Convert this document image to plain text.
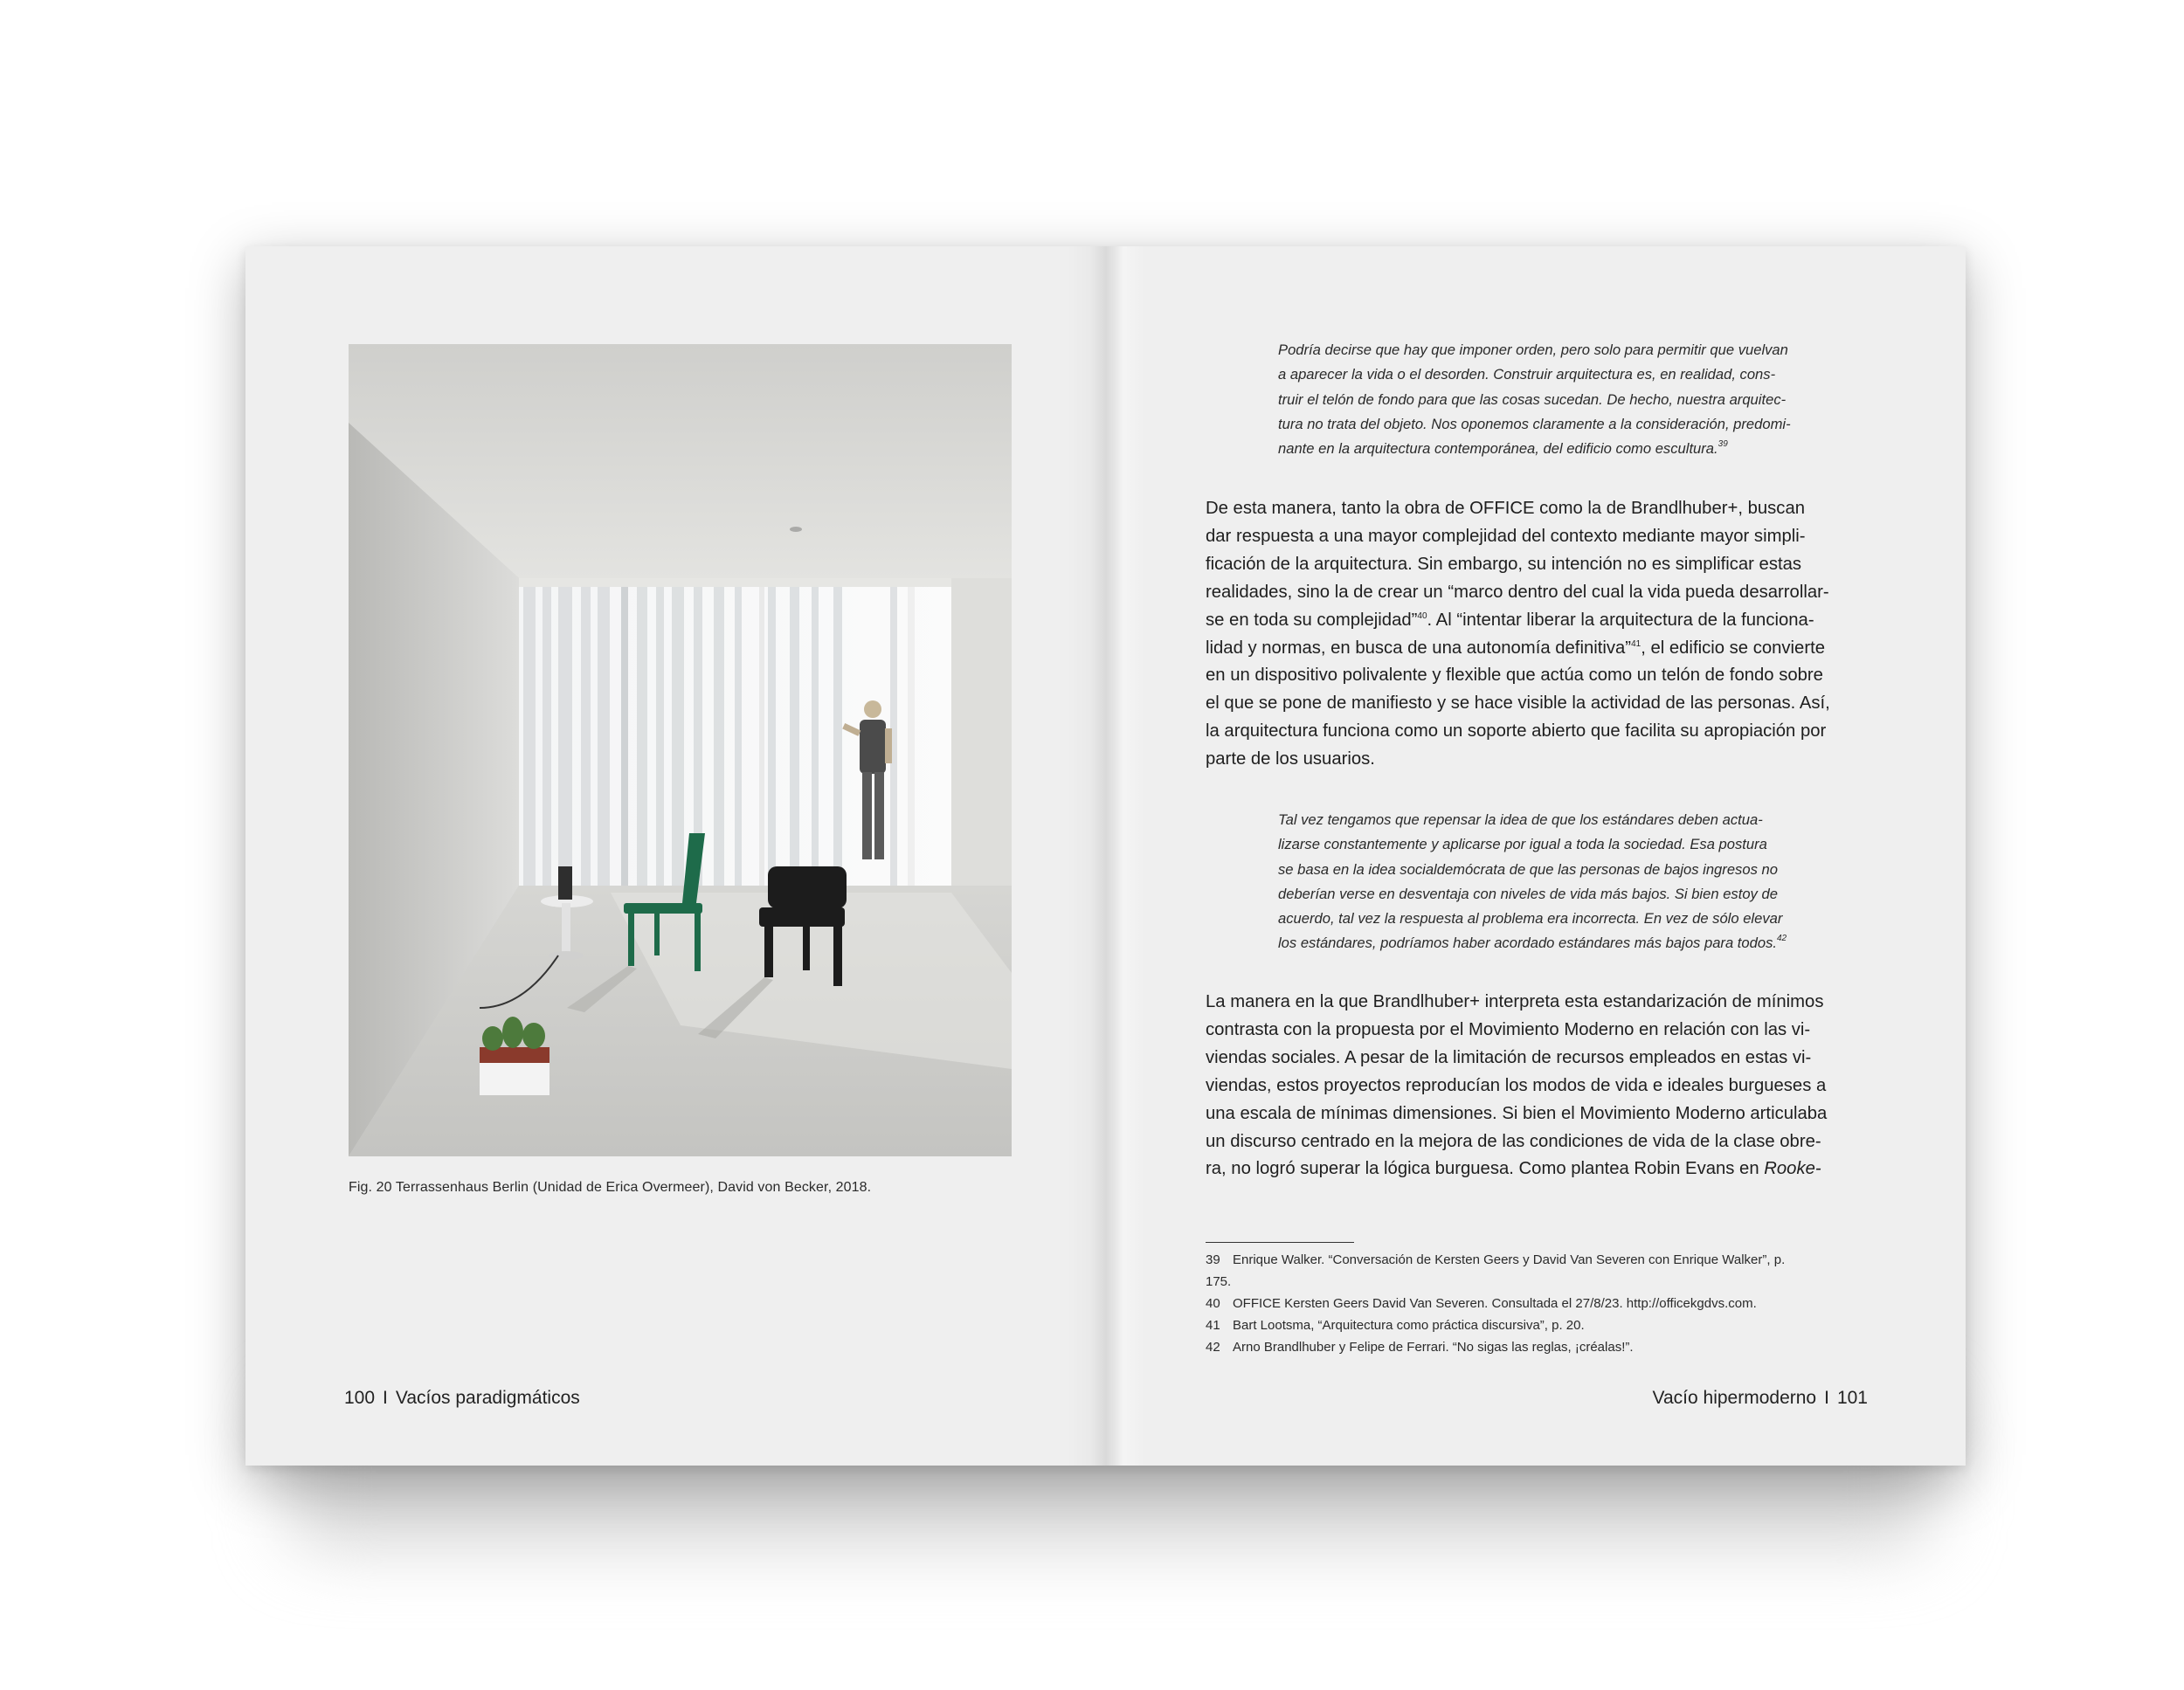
Fig. 20 Terrassenhaus Berlin (Unidad de Erica Overmeer), David von Becker, 2018.
100 I Vacíos paradigmáticos
Podría decirse que hay que imponer orden, pero solo para permitir que vuelvan
a aparecer la vida o el desorden. Construir arquitectura es, en realidad, cons-
truir el telón de fondo para que las cosas sucedan. De hecho, nuestra arquitec-
tura no trata del objeto. Nos oponemos claramente a la consideración, predomi-
nante en la arquitectura contemporánea, del edificio como escultura.$^{39}$
De esta manera, tanto la obra de OFFICE como la de Brandlhuber+, buscan
dar respuesta a una mayor complejidad del contexto mediante mayor simpli-
ficación de la arquitectura. Sin embargo, su intención no es simplificar estas
realidades, sino la de crear un “marco dentro del cual la vida pueda desarrollar-
se en toda su complejidad”$^{40}$. Al “intentar liberar la arquitectura de la funciona-
lidad y normas, en busca de una autonomía definitiva”$^{41}$, el edificio se convierte
en un dispositivo polivalente y flexible que actúa como un telón de fondo sobre
el que se pone de manifiesto y se hace visible la actividad de las personas. Así,
la arquitectura funciona como un soporte abierto que facilita su apropiación por
parte de los usuarios.
Tal vez tengamos que repensar la idea de que los estándares deben actua-
lizarse constantemente y aplicarse por igual a toda la sociedad. Esa postura
se basa en la idea socialdemócrata de que las personas de bajos ingresos no
deberían verse en desventaja con niveles de vida más bajos. Si bien estoy de
acuerdo, tal vez la respuesta al problema era incorrecta. En vez de sólo elevar
los estándares, podríamos haber acordado estándares más bajos para todos.$^{42}$
La manera en la que Brandlhuber+ interpreta esta estandarización de mínimos
contrasta con la propuesta por el Movimiento Moderno en relación con las vi-
viendas sociales. A pesar de la limitación de recursos empleados en estas vi-
viendas, estos proyectos reproducían los modos de vida e ideales burgueses a
una escala de mínimas dimensiones. Si bien el Movimiento Moderno articulaba
un discurso centrado en la mejora de las condiciones de vida de la clase obre-
ra, no logró superar la lógica burguesa. Como plantea Robin Evans en Rooke-
39 Enrique Walker. “Conversación de Kersten Geers y David Van Severen con Enrique Walker”, p.
175.
40 OFFICE Kersten Geers David Van Severen. Consultada el 27/8/23. http://officekgdvs.com.
41 Bart Lootsma, “Arquitectura como práctica discursiva”, p. 20.
42 Arno Brandlhuber y Felipe de Ferrari. “No sigas las reglas, ¡créalas!”.
Vacío hipermoderno I 101
